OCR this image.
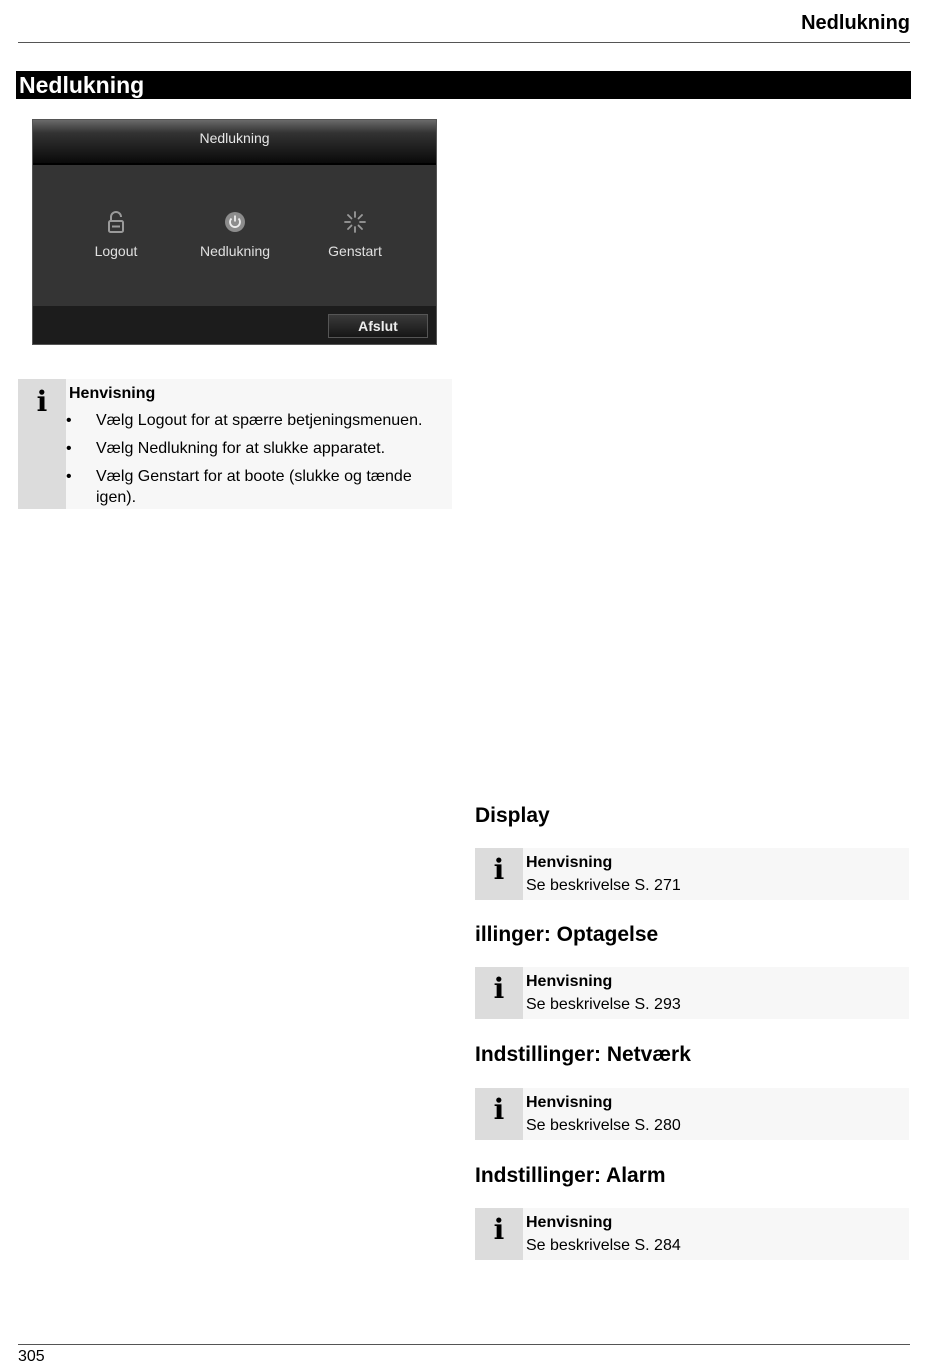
Nedlukning
Nedlukning
Nedlukning
Logout	Nedlukning	Genstart
Afslut
i	Henvisning
• Vælg Logout for at spærre betjeningsmenuen.
• Vælg Nedlukning for at slukke apparatet.
• Vælg Genstart for at boote (slukke og tænde igen).
Display
i	Henvisning
Se beskrivelse S. 271
illinger: Optagelse
i	Henvisning
Se beskrivelse S. 293
Indstillinger: Netværk
i	Henvisning
Se beskrivelse S. 280
Indstillinger: Alarm
i	Henvisning
Se beskrivelse S. 284
305
